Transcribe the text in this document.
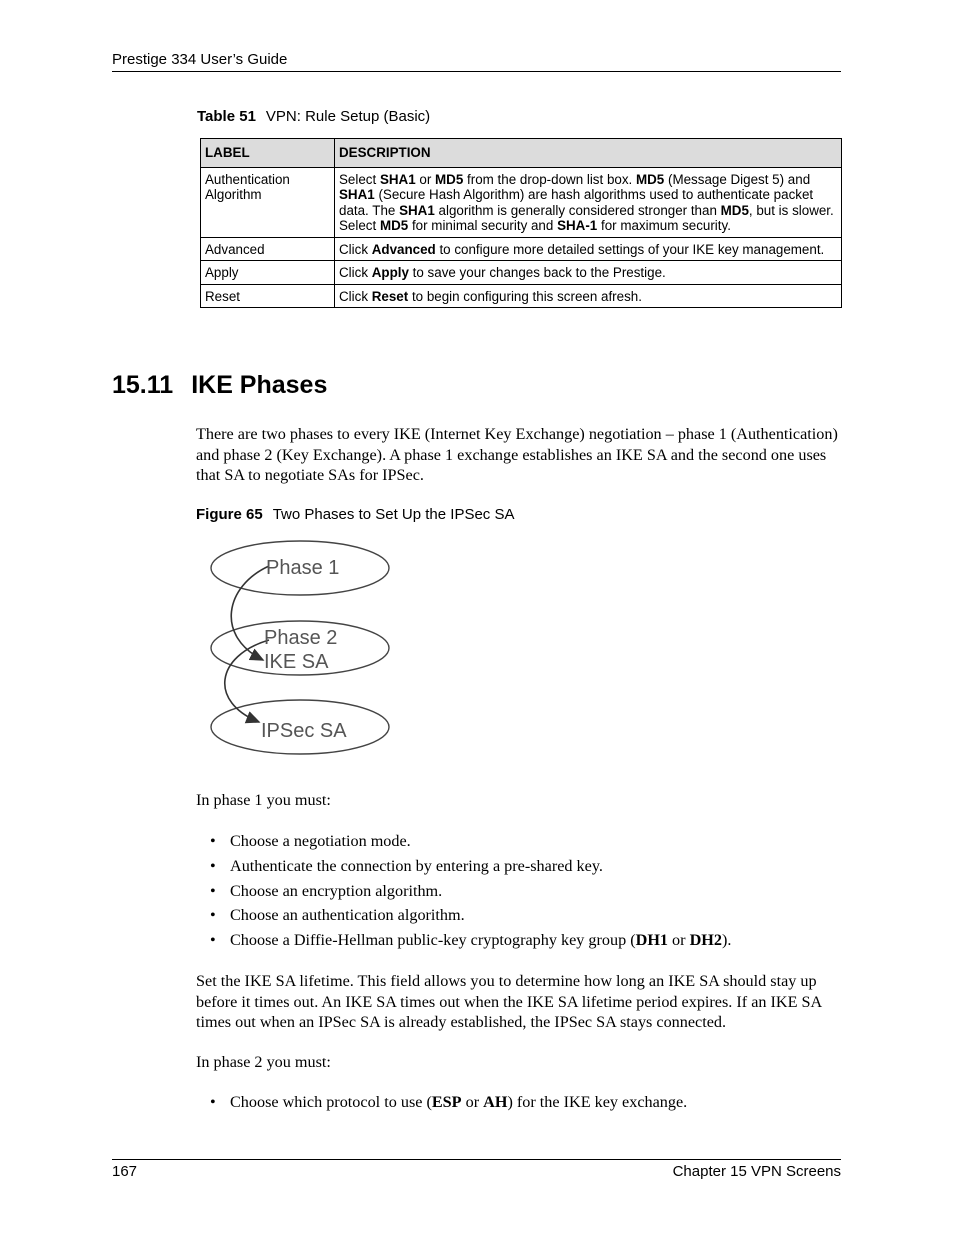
Prestige 334 User’s Guide
Table 51 VPN: Rule Setup (Basic)
LABEL	DESCRIPTION
Authentication Algorithm	Select SHA1 or MD5 from the drop-down list box. MD5 (Message Digest 5) and SHA1 (Secure Hash Algorithm) are hash algorithms used to authenticate packet data. The SHA1 algorithm is generally considered stronger than MD5, but is slower. Select MD5 for minimal security and SHA-1 for maximum security.
Advanced	Click Advanced to configure more detailed settings of your IKE key management.
Apply	Click Apply to save your changes back to the Prestige.
Reset	Click Reset to begin configuring this screen afresh.
15.11 IKE Phases

There are two phases to every IKE (Internet Key Exchange) negotiation – phase 1 (Authentication) and phase 2 (Key Exchange). A phase 1 exchange establishes an IKE SA and the second one uses that SA to negotiate SAs for IPSec.

Figure 65 Two Phases to Set Up the IPSec SA
Phase 1
Phase 2
IKE SA
IPSec SA

In phase 1 you must:

• Choose a negotiation mode.
• Authenticate the connection by entering a pre-shared key.
• Choose an encryption algorithm.
• Choose an authentication algorithm.
• Choose a Diffie-Hellman public-key cryptography key group (DH1 or DH2).

Set the IKE SA lifetime. This field allows you to determine how long an IKE SA should stay up before it times out. An IKE SA times out when the IKE SA lifetime period expires. If an IKE SA times out when an IPSec SA is already established, the IPSec SA stays connected.

In phase 2 you must:

• Choose which protocol to use (ESP or AH) for the IKE key exchange.
167	Chapter 15 VPN Screens
